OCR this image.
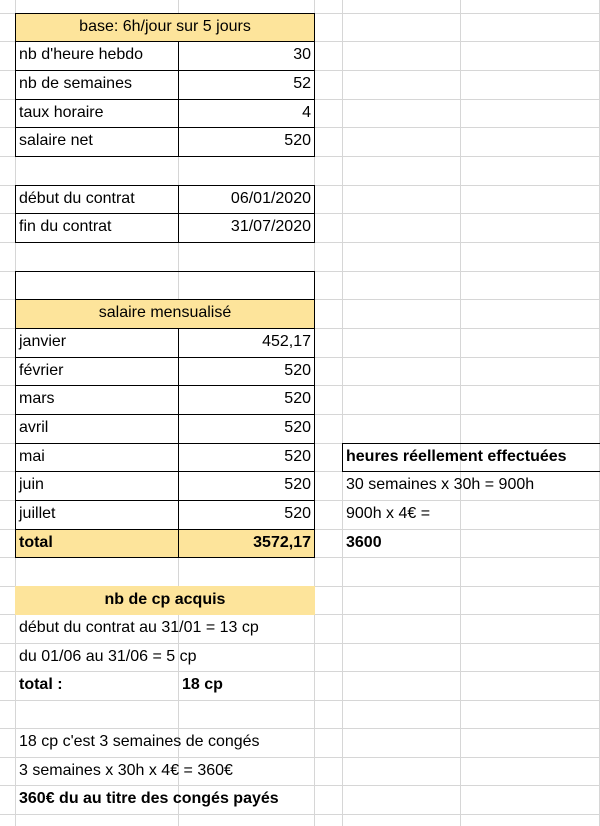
base: 6h/jour sur 5 jours
nb d'heure hebdo	30
nb de semaines	52
taux horaire	4
salaire net	520
début du contrat	06/01/2020
fin du contrat	31/07/2020
salaire mensualisé
janvier	452,17
février	520
mars	520
avril	520
mai	520
juin	520
juillet	520
total	3572,17
heures réellement effectuées
30 semaines x 30h = 900h
900h x 4€ =
3600
nb de cp acquis
début du contrat au 31/01 = 13 cp
du 01/06 au 31/06 = 5 cp
total :	18 cp
18 cp c'est 3 semaines de congés
3 semaines x 30h x 4€ = 360€
360€ du au titre des congés payés
